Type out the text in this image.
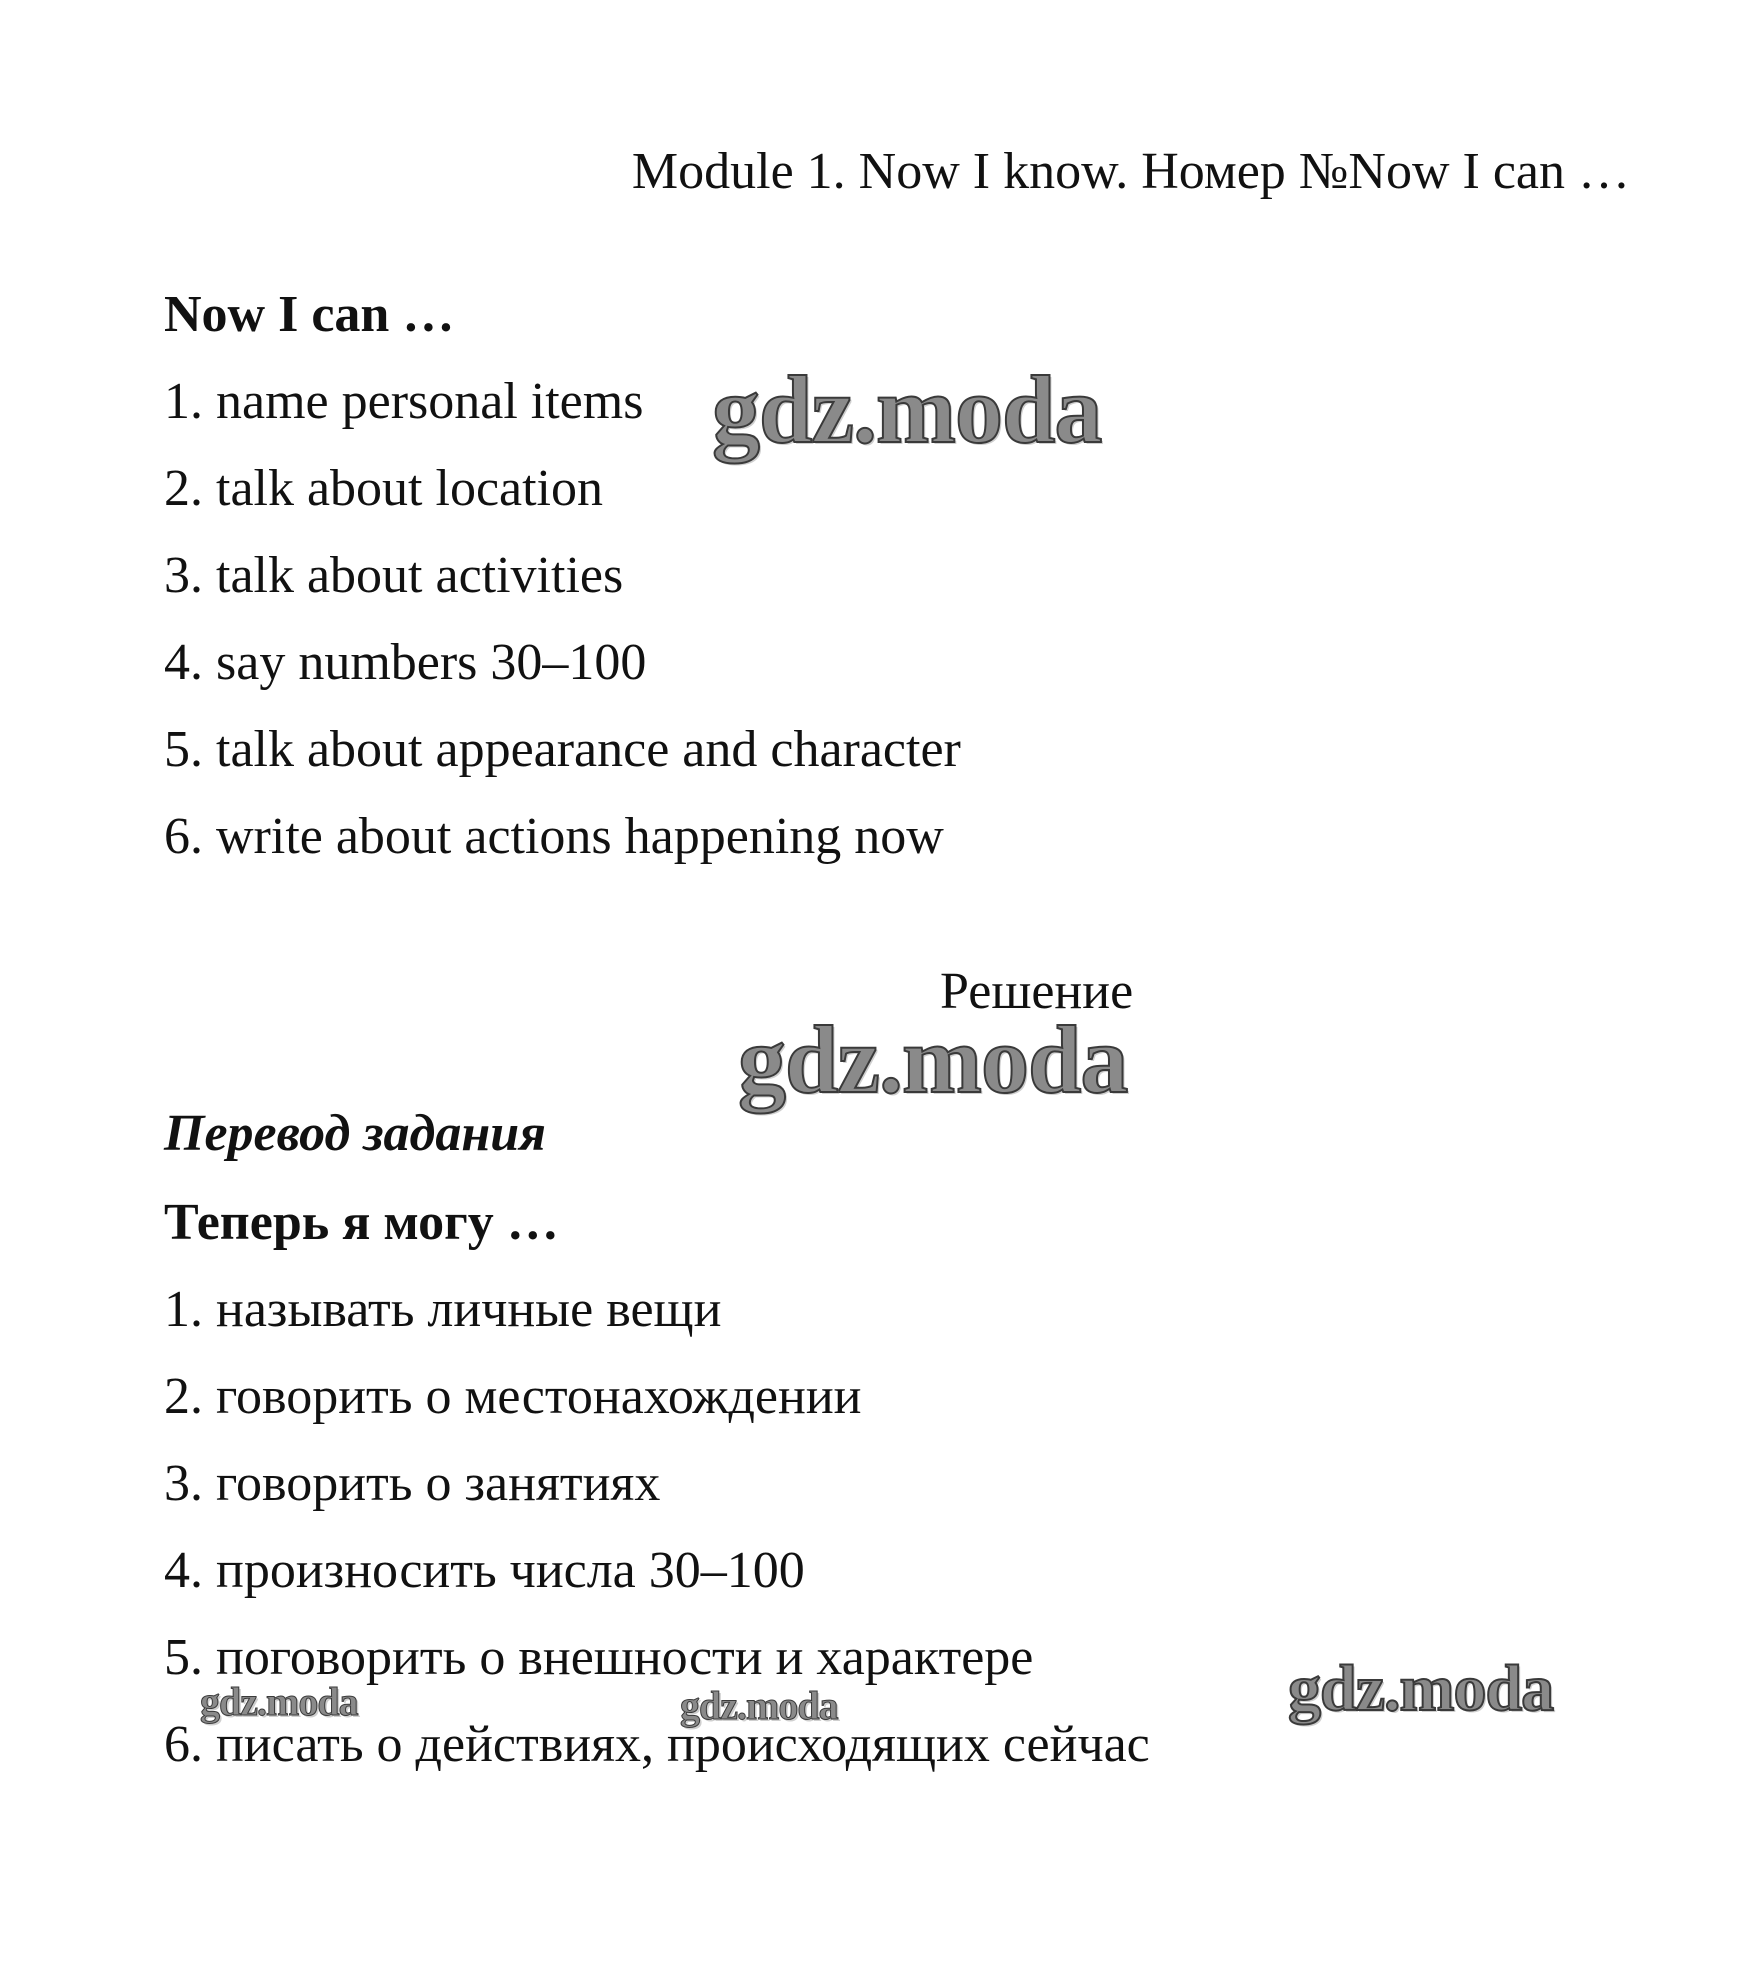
Module 1. Now I know. Номер №Now I can …
Now I can …
1. name personal items
2. talk about location
3. talk about activities
4. say numbers 30–100
5. talk about appearance and character
6. write about actions happening now
Решение
Перевод задания
Теперь я могу …
1. называть личные вещи
2. говорить о местонахождении
3. говорить о занятиях
4. произносить числа 30–100
5. поговорить о внешности и характере
6. писать о действиях, происходящих сейчас
gdz.moda
gdz.moda
gdz.moda
gdz.moda	gdz.moda
